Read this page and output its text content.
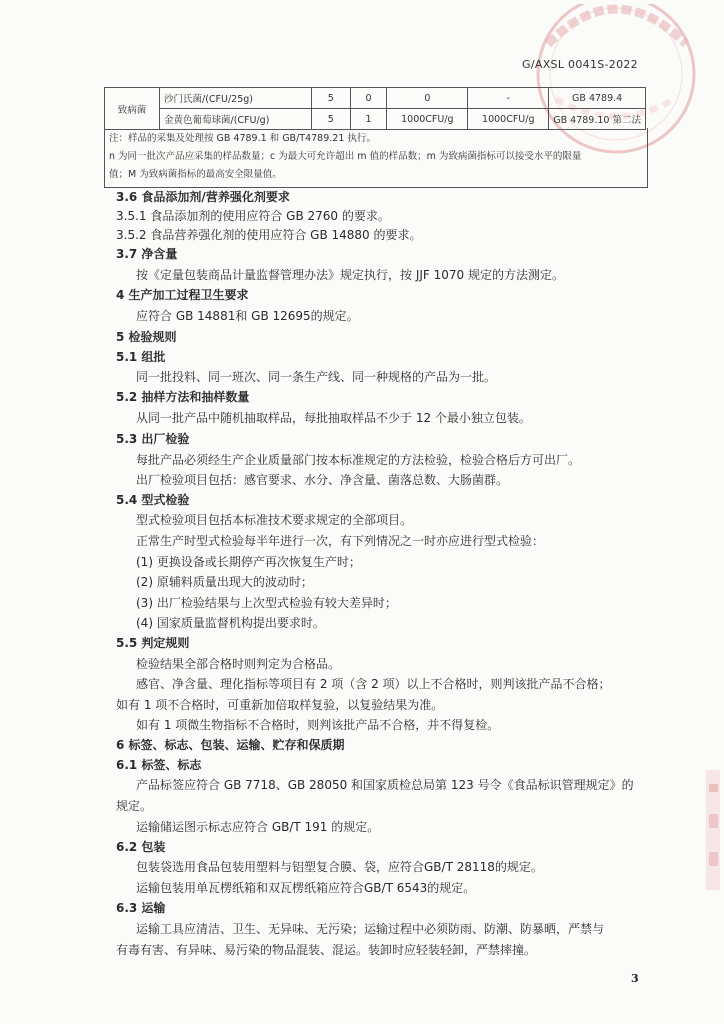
G/AXSL 0041S-2022
致病菌	沙门氏菌/(CFU/25g)	5	0	0	-	GB 4789.4
	金黄色葡萄球菌/(CFU/g)	5	1	1000CFU/g	1000CFU/g	GB 4789.10 第二法
注：样品的采集及处理按 GB 4789.1 和 GB/T4789.21 执行。
n 为同一批次产品应采集的样品数量；c 为最大可允许超出 m 值的样品数；m 为致病菌指标可以接受水平的限量
值；M 为致病菌指标的最高安全限量值。
3.6 食品添加剂/营养强化剂要求
3.5.1 食品添加剂的使用应符合 GB 2760 的要求。
3.5.2 食品营养强化剂的使用应符合 GB 14880 的要求。
3.7 净含量
按《定量包装商品计量监督管理办法》规定执行，按 JJF 1070 规定的方法测定。
4 生产加工过程卫生要求
应符合 GB 14881和 GB 12695的规定。
5 检验规则
5.1 组批
同一批投料、同一班次、同一条生产线、同一种规格的产品为一批。
5.2 抽样方法和抽样数量
从同一批产品中随机抽取样品，每批抽取样品不少于 12 个最小独立包装。
5.3 出厂检验
每批产品必须经生产企业质量部门按本标准规定的方法检验，检验合格后方可出厂。
出厂检验项目包括：感官要求、水分、净含量、菌落总数、大肠菌群。
5.4 型式检验
型式检验项目包括本标准技术要求规定的全部项目。
正常生产时型式检验每半年进行一次，有下列情况之一时亦应进行型式检验：
(1) 更换设备或长期停产再次恢复生产时；
(2) 原辅料质量出现大的波动时；
(3) 出厂检验结果与上次型式检验有较大差异时；
(4) 国家质量监督机构提出要求时。
5.5 判定规则
检验结果全部合格时则判定为合格品。
感官、净含量、理化指标等项目有 2 项（含 2 项）以上不合格时，则判该批产品不合格；
如有 1 项不合格时，可重新加倍取样复验，以复验结果为准。
如有 1 项微生物指标不合格时，则判该批产品不合格，并不得复检。
6 标签、标志、包装、运输、贮存和保质期
6.1 标签、标志
产品标签应符合 GB 7718、GB 28050 和国家质检总局第 123 号令《食品标识管理规定》的
规定。
运输储运图示标志应符合 GB/T 191 的规定。
6.2 包装
包装袋选用食品包装用塑料与铝塑复合膜、袋，应符合GB/T 28118的规定。
运输包装用单瓦楞纸箱和双瓦楞纸箱应符合GB/T 6543的规定。
6.3 运输
运输工具应清洁、卫生、无异味、无污染；运输过程中必须防雨、防潮、防暴晒，严禁与
有毒有害、有异味、易污染的物品混装、混运。装卸时应轻装轻卸，严禁摔撞。
3
